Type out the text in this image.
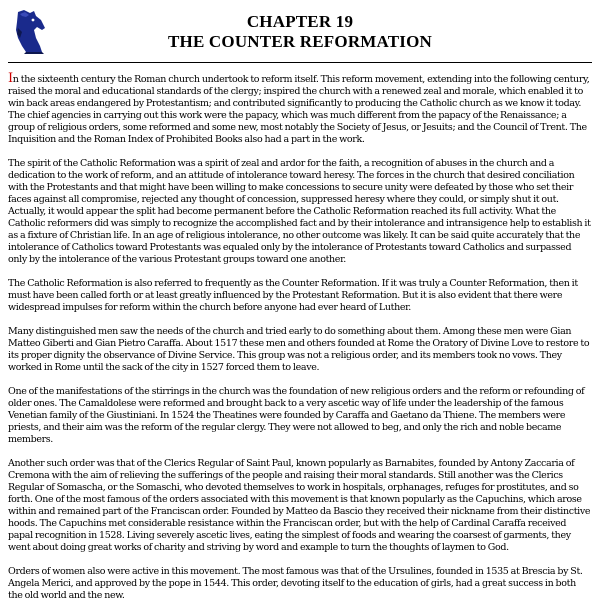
CHAPTER 19
THE COUNTER REFORMATION

In the sixteenth century the Roman church undertook to reform itself. This reform movement, extending into the following century, raised the moral and educational standards of the clergy; inspired the church with a renewed zeal and morale, which enabled it to win back areas endangered by Protestantism; and contributed significantly to producing the Catholic church as we know it today. The chief agencies in carrying out this work were the papacy, which was much different from the papacy of the Renaissance; a group of religious orders, some reformed and some new, most notably the Society of Jesus, or Jesuits; and the Council of Trent. The Inquisition and the Roman Index of Prohibited Books also had a part in the work.

The spirit of the Catholic Reformation was a spirit of zeal and ardor for the faith, a recognition of abuses in the church and a dedication to the work of reform, and an attitude of intolerance toward heresy. The forces in the church that desired conciliation with the Protestants and that might have been willing to make concessions to secure unity were defeated by those who set their faces against all compromise, rejected any thought of concession, suppressed heresy where they could, or simply shut it out. Actually, it would appear the split had become permanent before the Catholic Reformation reached its full activity. What the Catholic reformers did was simply to recognize the accomplished fact and by their intolerance and intransigence help to establish it as a fixture of Christian life. In an age of religious intolerance, no other outcome was likely. It can be said quite accurately that the intolerance of Catholics toward Protestants was equaled only by the intolerance of Protestants toward Catholics and surpassed only by the intolerance of the various Protestant groups toward one another.

The Catholic Reformation is also referred to frequently as the Counter Reformation. If it was truly a Counter Reformation, then it must have been called forth or at least greatly influenced by the Protestant Reformation. But it is also evident that there were widespread impulses for reform within the church before anyone had ever heard of Luther.

Many distinguished men saw the needs of the church and tried early to do something about them. Among these men were Gian Matteo Giberti and Gian Pietro Caraffa. About 1517 these men and others founded at Rome the Oratory of Divine Love to restore to its proper dignity the observance of Divine Service. This group was not a religious order, and its members took no vows. They worked in Rome until the sack of the city in 1527 forced them to leave.

One of the manifestations of the stirrings in the church was the foundation of new religious orders and the reform or refounding of older ones. The Camaldolese were reformed and brought back to a very ascetic way of life under the leadership of the famous Venetian family of the Giustiniani. In 1524 the Theatines were founded by Caraffa and Gaetano da Thiene. The members were priests, and their aim was the reform of the regular clergy. They were not allowed to beg, and only the rich and noble became members.

Another such order was that of the Clerics Regular of Saint Paul, known popularly as Barnabites, founded by Antony Zaccaria of Cremona with the aim of relieving the sufferings of the people and raising their moral standards. Still another was the Clerics Regular of Somascha, or the Somaschi, who devoted themselves to work in hospitals, orphanages, refuges for prostitutes, and so forth. One of the most famous of the orders associated with this movement is that known popularly as the Capuchins, which arose within and remained part of the Franciscan order. Founded by Matteo da Bascio they received their nickname from their distinctive hoods. The Capuchins met considerable resistance within the Franciscan order, but with the help of Cardinal Caraffa received papal recognition in 1528. Living severely ascetic lives, eating the simplest of foods and wearing the coarsest of garments, they went about doing great works of charity and striving by word and example to turn the thoughts of laymen to God.

Orders of women also were active in this movement. The most famous was that of the Ursulines, founded in 1535 at Brescia by St. Angela Merici, and approved by the pope in 1544. This order, devoting itself to the education of girls, had a great success in both the old world and the new.
